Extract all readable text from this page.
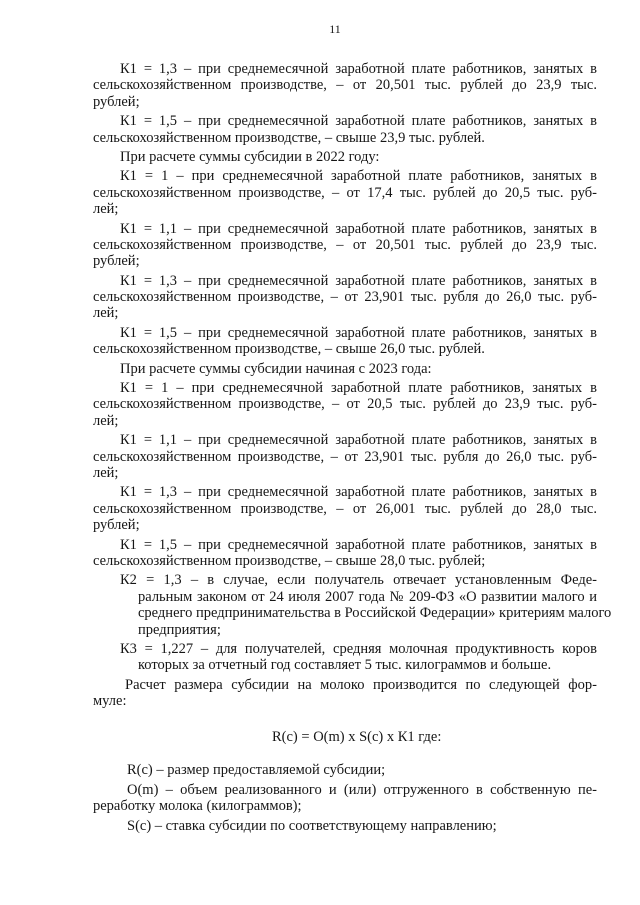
11
К1 = 1,3 – при среднемесячной заработной плате работников, занятых в
сельскохозяйственном производстве, – от 20,501 тыс. рублей до 23,9 тыс.
рублей;
К1 = 1,5 – при среднемесячной заработной плате работников, занятых в
сельскохозяйственном производстве, – свыше 23,9 тыс. рублей.
При расчете суммы субсидии в 2022 году:
К1 = 1 – при среднемесячной заработной плате работников, занятых в
сельскохозяйственном производстве, – от 17,4 тыс. рублей до 20,5 тыс. руб-
лей;
К1 = 1,1 – при среднемесячной заработной плате работников, занятых в
сельскохозяйственном производстве, – от 20,501 тыс. рублей до 23,9 тыс.
рублей;
К1 = 1,3 – при среднемесячной заработной плате работников, занятых в
сельскохозяйственном производстве, – от 23,901 тыс. рубля до 26,0 тыс. руб-
лей;
К1 = 1,5 – при среднемесячной заработной плате работников, занятых в
сельскохозяйственном производстве, – свыше 26,0 тыс. рублей.
При расчете суммы субсидии начиная с 2023 года:
К1 = 1 – при среднемесячной заработной плате работников, занятых в
сельскохозяйственном производстве, – от 20,5 тыс. рублей до 23,9 тыс. руб-
лей;
К1 = 1,1 – при среднемесячной заработной плате работников, занятых в
сельскохозяйственном производстве, – от 23,901 тыс. рубля до 26,0 тыс. руб-
лей;
К1 = 1,3 – при среднемесячной заработной плате работников, занятых в
сельскохозяйственном производстве, – от 26,001 тыс. рублей до 28,0 тыс.
рублей;
К1 = 1,5 – при среднемесячной заработной плате работников, занятых в
сельскохозяйственном производстве, – свыше 28,0 тыс. рублей;
К2 = 1,3 – в случае, если получатель отвечает установленным Феде-
ральным законом от 24 июля 2007 года № 209-ФЗ «О развитии малого и
среднего предпринимательства в Российской Федерации» критериям малого
предприятия;
К3 = 1,227 – для получателей, средняя молочная продуктивность коров
которых за отчетный год составляет 5 тыс. килограммов и больше.
Расчет размера субсидии на молоко производится по следующей фор-
муле:
R(с) = О(m) х S(с) х К1 где:
R(с) – размер предоставляемой субсидии;
О(m) – объем реализованного и (или) отгруженного в собственную пе-
реработку молока (килограммов);
S(с) – ставка субсидии по соответствующему направлению;
